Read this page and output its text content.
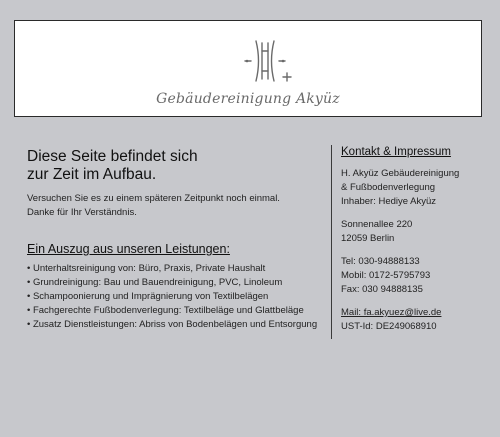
Gebäudereinigung Akyüz
Diese Seite befindet sich
zur Zeit im Aufbau.
Versuchen Sie es zu einem späteren Zeitpunkt noch einmal.
Danke für Ihr Verständnis.
Ein Auszug aus unseren Leistungen:
• Unterhaltsreinigung von: Büro, Praxis, Private Haushalt
• Grundreinigung: Bau und Bauendreinigung, PVC, Linoleum
• Schampoonierung und Imprägnierung von Textilbelägen
• Fachgerechte Fußbodenverlegung: Textilbeläge und Glattbeläge
• Zusatz Dienstleistungen: Abriss von Bodenbelägen und Entsorgung
Kontakt & Impressum
H. Akyüz Gebäudereinigung
& Fußbodenverlegung
Inhaber: Hediye Akyüz
Sonnenallee 220
12059 Berlin
Tel: 030-94888133
Mobil: 0172-5795793
Fax: 030 94888135
Mail: fa.akyuez@live.de
UST-Id: DE249068910
